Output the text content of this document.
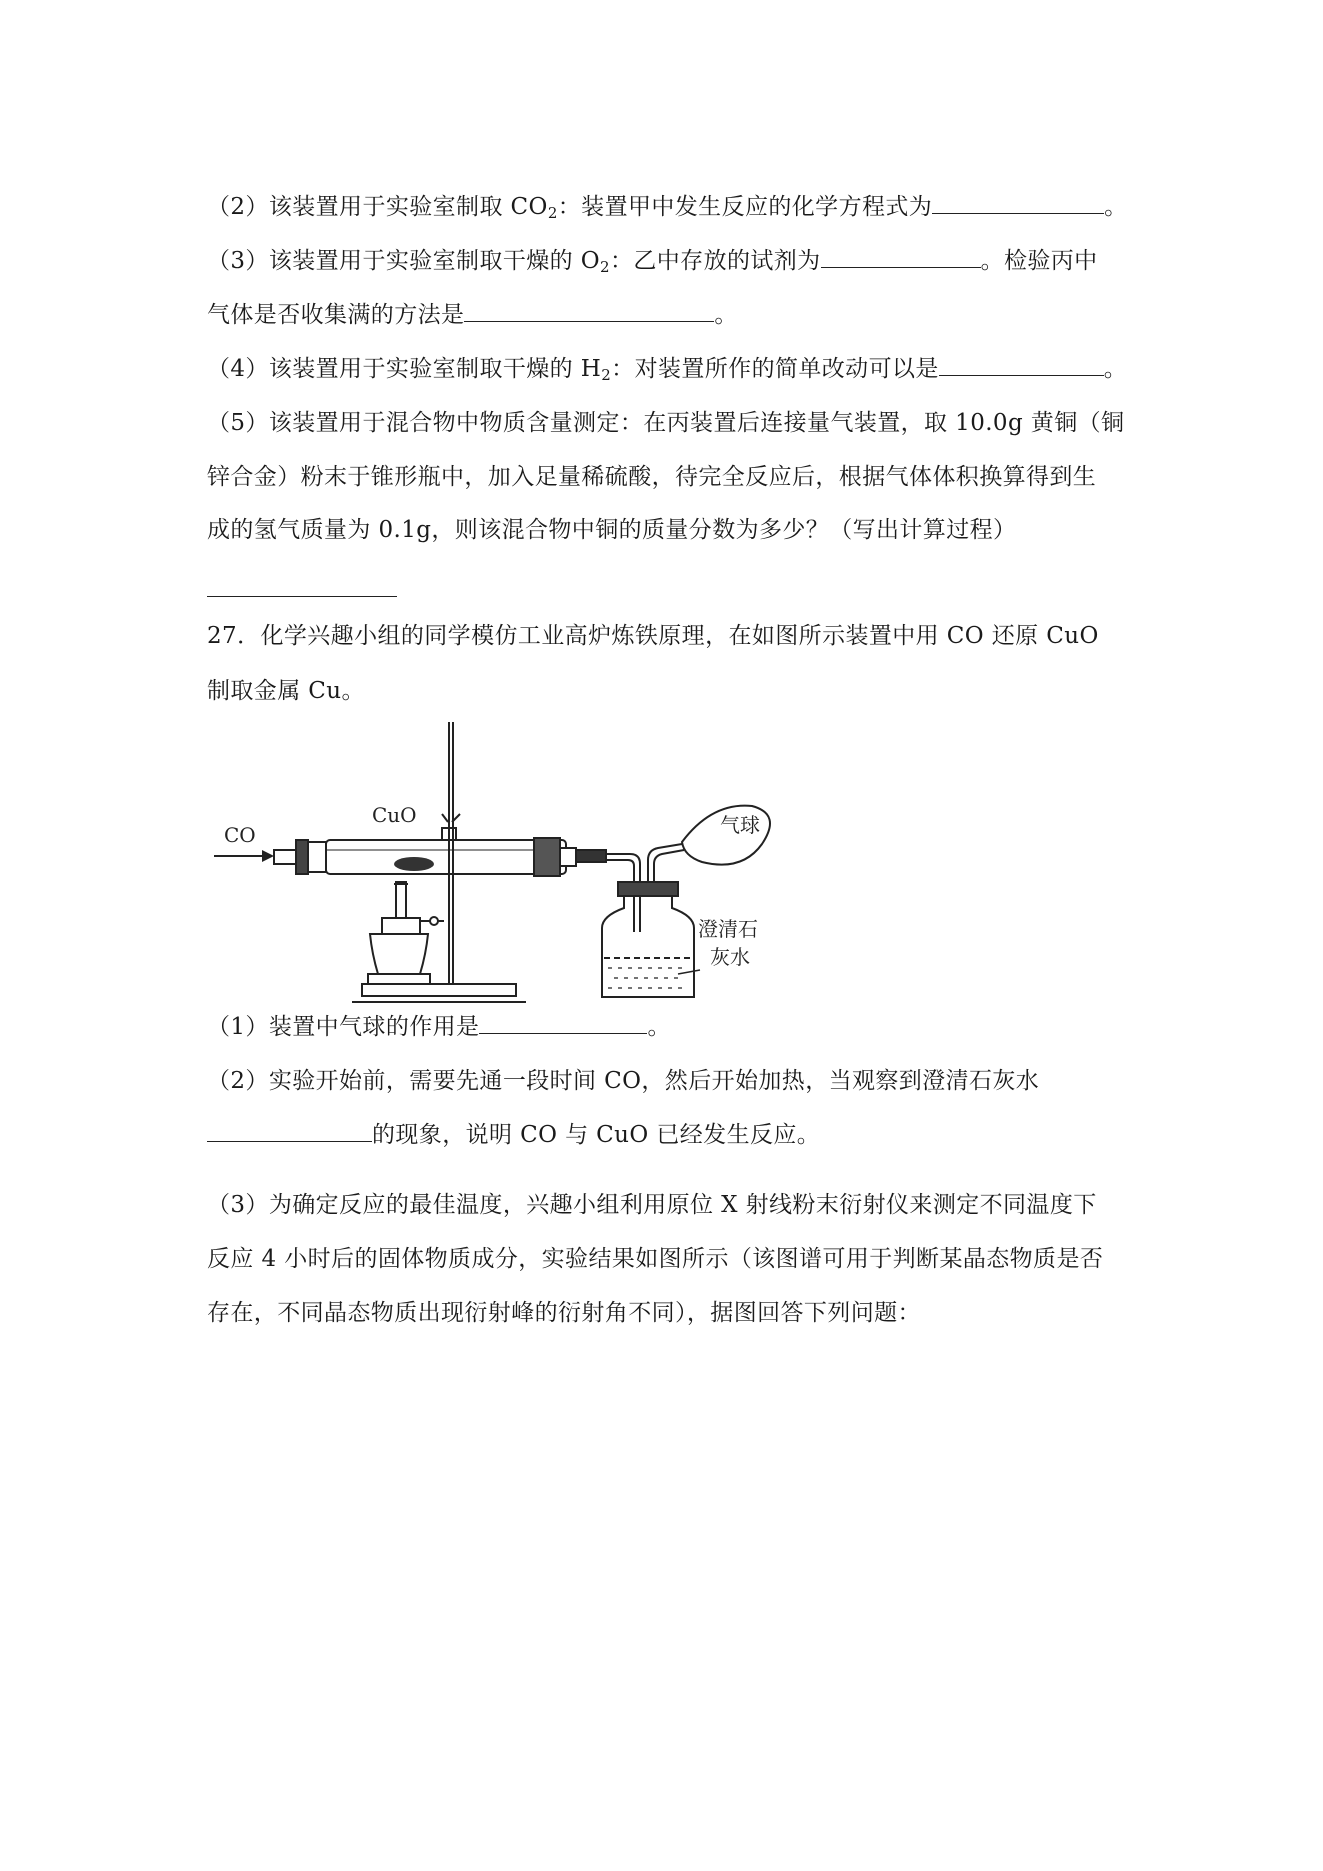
（2）该装置用于实验室制取 $CO_2$：装置甲中发生反应的化学方程式为	。
（3）该装置用于实验室制取干燥的 $O_2$：乙中存放的试剂为	。检验丙中
气体是否收集满的方法是	。
（4）该装置用于实验室制取干燥的 $H_2$：对装置所作的简单改动可以是	。
（5）该装置用于混合物中物质含量测定：在丙装置后连接量气装置，取 10.0g 黄铜（铜
锌合金）粉末于锥形瓶中，加入足量稀硫酸，待完全反应后，根据气体体积换算得到生
成的氢气质量为 0.1g，则该混合物中铜的质量分数为多少？（写出计算过程）
27．化学兴趣小组的同学模仿工业高炉炼铁原理，在如图所示装置中用 CO 还原 CuO
制取金属 Cu。
CO
CuO	气球
澄清石
灰水
（1）装置中气球的作用是	。
（2）实验开始前，需要先通一段时间 CO，然后开始加热，当观察到澄清石灰水
的现象，说明 CO 与 CuO 已经发生反应。
（3）为确定反应的最佳温度，兴趣小组利用原位 X 射线粉末衍射仪来测定不同温度下
反应 4 小时后的固体物质成分，实验结果如图所示（该图谱可用于判断某晶态物质是否
存在，不同晶态物质出现衍射峰的衍射角不同），据图回答下列问题：
